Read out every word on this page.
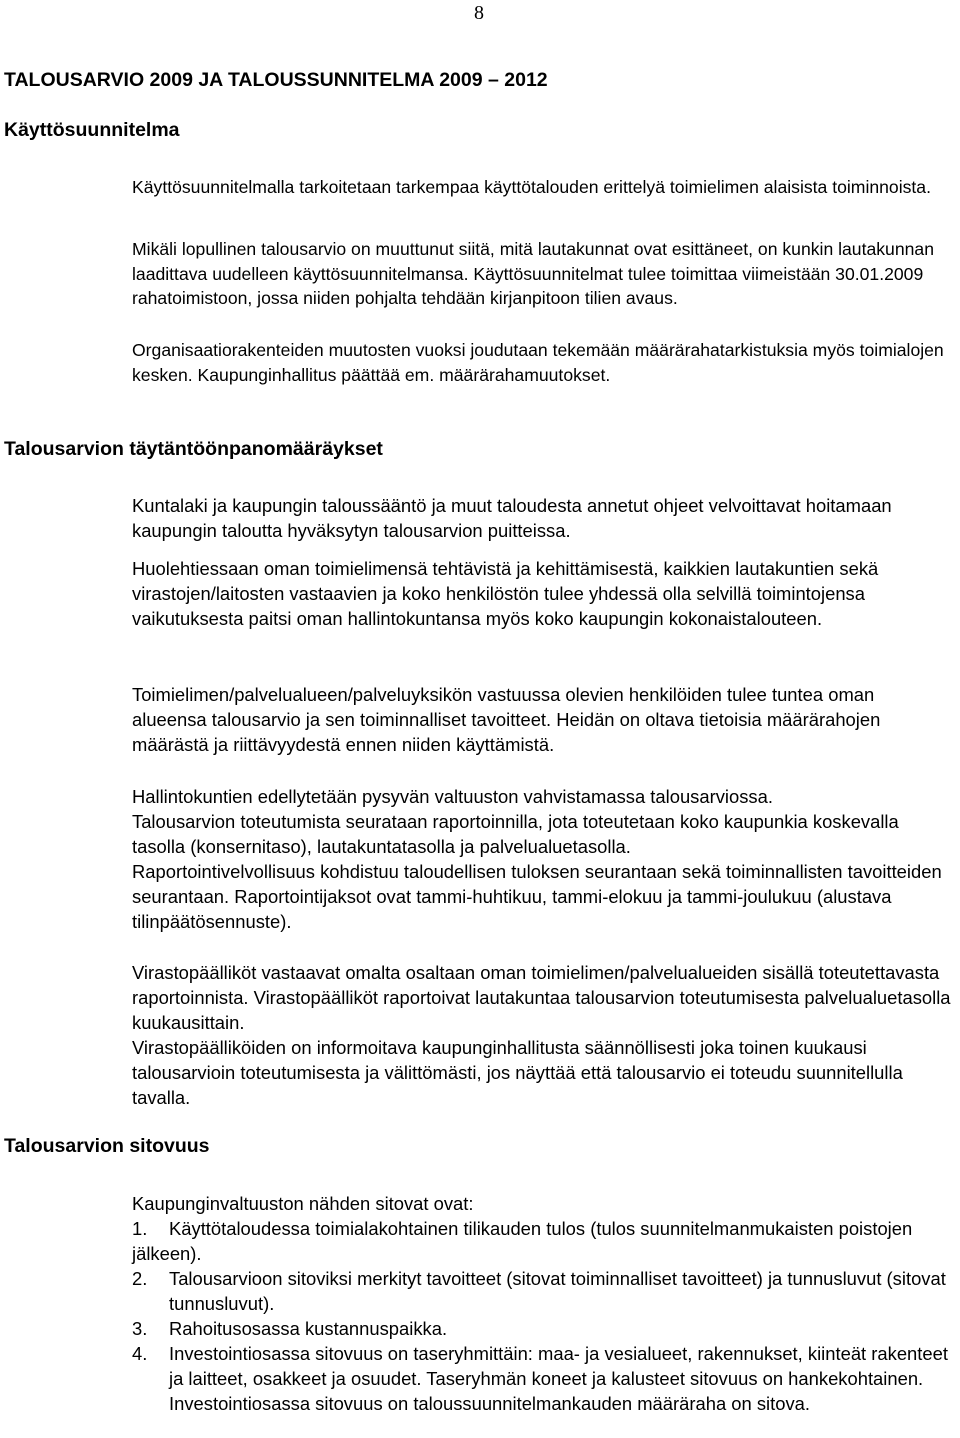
8
TALOUSARVIO 2009 JA TALOUSSUNNITELMA 2009 – 2012
Käyttösuunnitelma
Käyttösuunnitelmalla tarkoitetaan tarkempaa käyttötalouden erittelyä toimielimen alaisista toiminnoista.
Mikäli lopullinen talousarvio on muuttunut siitä, mitä lautakunnat ovat esittäneet, on kunkin lautakunnan laadittava uudelleen käyttösuunnitelmansa. Käyttösuunnitelmat tulee toimittaa viimeistään 30.01.2009 rahatoimistoon, jossa niiden pohjalta tehdään kirjanpitoon tilien avaus.
Organisaatiorakenteiden muutosten vuoksi joudutaan tekemään määrärahatarkistuksia myös toimialojen kesken. Kaupunginhallitus päättää em. määrärahamuutokset.
Talousarvion täytäntöönpanomääräykset
Kuntalaki ja kaupungin taloussääntö ja muut taloudesta annetut ohjeet velvoittavat hoitamaan kaupungin taloutta hyväksytyn talousarvion puitteissa.
Huolehtiessaan oman toimielimensä tehtävistä ja kehittämisestä, kaikkien lautakuntien sekä virastojen/laitosten vastaavien ja koko henkilöstön tulee yhdessä olla selvillä toimintojensa vaikutuksesta paitsi oman hallintokuntansa myös koko kaupungin kokonaistalouteen.
Toimielimen/palvelualueen/palveluyksikön vastuussa olevien henkilöiden tulee tuntea oman alueensa talousarvio ja sen toiminnalliset tavoitteet. Heidän on oltava tietoisia määrärahojen määrästä ja riittävyydestä ennen niiden käyttämistä.
Hallintokuntien edellytetään pysyvän valtuuston vahvistamassa talousarviossa.
Talousarvion toteutumista seurataan raportoinnilla, jota toteutetaan koko kaupunkia koskevalla tasolla (konsernitaso), lautakuntatasolla ja palvelualuetasolla.
Raportointivelvollisuus kohdistuu taloudellisen tuloksen seurantaan sekä toiminnallisten tavoitteiden seurantaan. Raportointijaksot ovat tammi-huhtikuu, tammi-elokuu ja tammi-joulukuu (alustava tilinpäätösennuste).
Virastopäälliköt vastaavat omalta osaltaan oman toimielimen/palvelualueiden sisällä toteutettavasta raportoinnista. Virastopäälliköt raportoivat lautakuntaa talousarvion toteutumisesta palvelualuetasolla kuukausittain.
Virastopäälliköiden on informoitava kaupunginhallitusta säännöllisesti joka toinen kuukausi talousarvioin toteutumisesta ja välittömästi, jos näyttää että talousarvio ei toteudu suunnitellulla tavalla.
Talousarvion sitovuus
Kaupunginvaltuuston nähden sitovat ovat:
1. Käyttötaloudessa toimialakohtainen tilikauden tulos (tulos suunnitelmanmukaisten poistojen jälkeen).
2. Talousarvioon sitoviksi merkityt tavoitteet (sitovat toiminnalliset tavoitteet) ja tunnusluvut (sitovat tunnusluvut).
3. Rahoitusosassa kustannuspaikka.
4. Investointiosassa sitovuus on taseryhmittäin: maa- ja vesialueet, rakennukset, kiinteät rakenteet ja laitteet, osakkeet ja osuudet. Taseryhmän koneet ja kalusteet sitovuus on hankekohtainen. Investointiosassa sitovuus on taloussuunnitelmankauden määräraha on sitova.
